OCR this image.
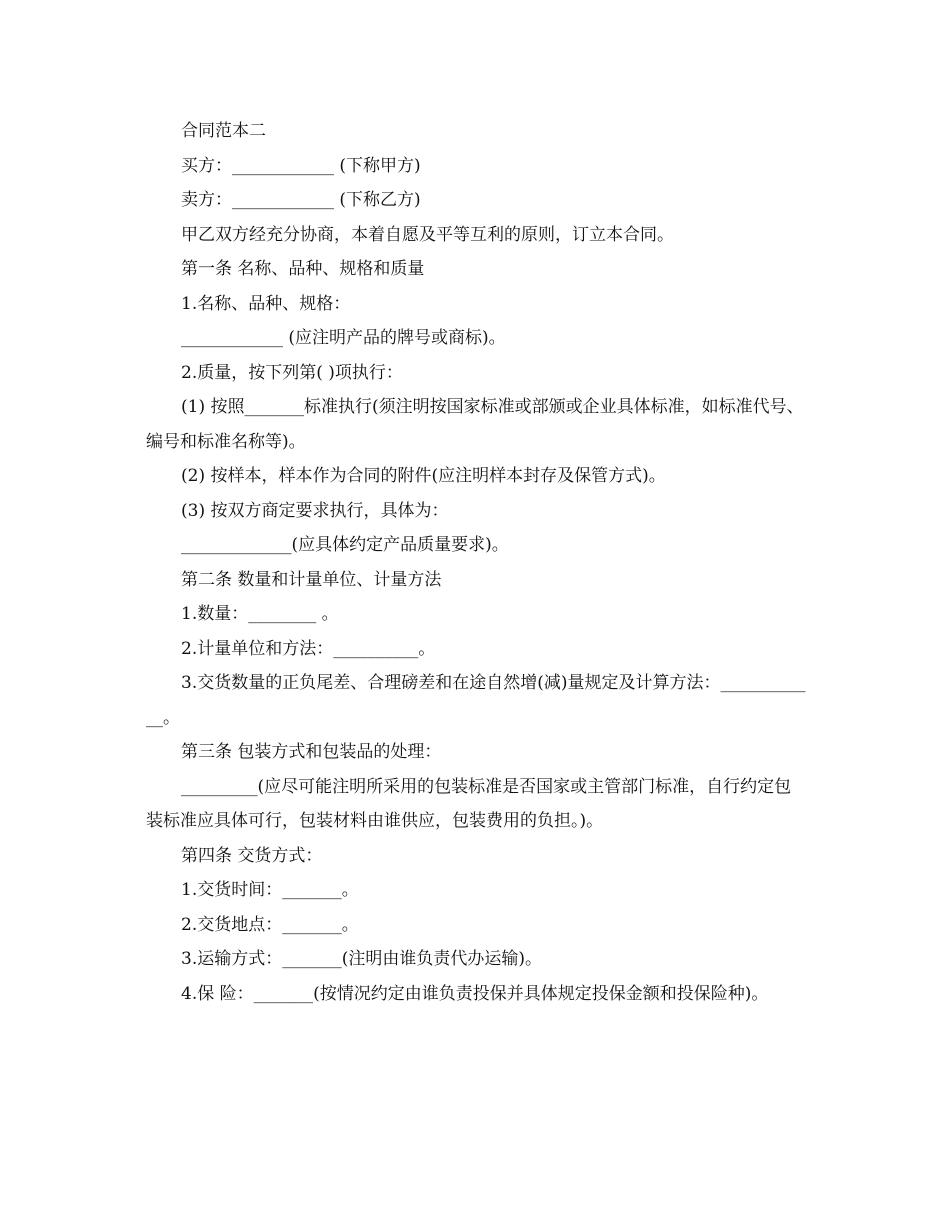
合同范本二

买方：____________ (下称甲方)

卖方：____________ (下称乙方)

甲乙双方经充分协商，本着自愿及平等互利的原则，订立本合同。

第一条 名称、品种、规格和质量

1.名称、品种、规格：

____________ (应注明产品的牌号或商标)。

2.质量，按下列第( )项执行：

(1) 按照_______标准执行(须注明按国家标准或部颁或企业具体标准，如标准代号、编号和标准名称等)。

(2) 按样本，样本作为合同的附件(应注明样本封存及保管方式)。

(3) 按双方商定要求执行，具体为：

_____________(应具体约定产品质量要求)。

第二条 数量和计量单位、计量方法

1.数量：________ 。

2.计量单位和方法：__________。

3.交货数量的正负尾差、合理磅差和在途自然增(减)量规定及计算方法：____________。

第三条 包装方式和包装品的处理：

_________(应尽可能注明所采用的包装标准是否国家或主管部门标准，自行约定包装标准应具体可行，包装材料由谁供应，包装费用的负担。)。

第四条 交货方式：

1.交货时间：_______。

2.交货地点：_______。

3.运输方式：_______(注明由谁负责代办运输)。

4.保 险：_______(按情况约定由谁负责投保并具体规定投保金额和投保险种)。
